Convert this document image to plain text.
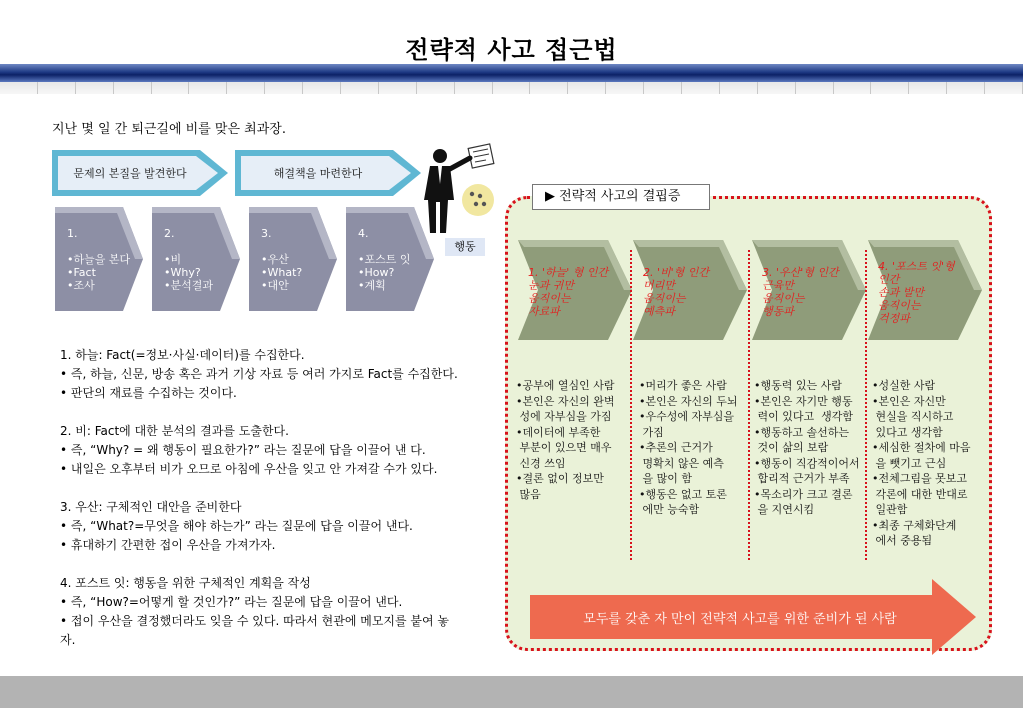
전략적 사고 접근법
지난 몇 일 간 퇴근길에 비를 맞은 최과장.
문제의 본질을 발견한다	해결책을 마련한다
1.

•하늘을 본다
•Fact
•조사
2.

•비
•Why?
•분석결과
3.

•우산
•What?
•대안
4.

•포스트 잇
•How?
•계획
행동
1. 하늘: Fact(=정보·사실·데이터)를 수집한다.
• 즉, 하늘, 신문, 방송 혹은 과거 기상 자료 등 여러 가지로 Fact를 수집한다.
• 판단의 재료를 수집하는 것이다.
2. 비: Fact에 대한 분석의 결과를 도출한다.
• 즉, “Why? = 왜 행동이 필요한가?” 라는 질문에 답을 이끌어 낸 다.
• 내일은 오후부터 비가 오므로 아침에 우산을 잊고 안 가져갈 수가 있다.
3. 우산: 구체적인 대안을 준비한다
• 즉, “What?=무엇을 해야 하는가” 라는 질문에 답을 이끌어 낸다.
• 휴대하기 간편한 접이 우산을 가져가자.
4. 포스트 잇: 행동을 위한 구체적인 계획을 작성
• 즉, “How?=어떻게 할 것인가?” 라는 질문에 답을 이끌어 낸다.
• 접이 우산을 결정했더라도 잊을 수 있다. 따라서 현관에 메모지를 붙여 놓
자.
▶ 전략적 사고의 결핍증
1. '하늘' 형 인간
눈과 귀만
움직이는
자료파
2. '비'형 인간
머리만
움직이는
예측파
3. '우산'형 인간
근육만
움직이는
행동파
4. '포스트 잇'형
인간
손과 발만
움직이는
걱정파
•공부에 열심인 사람
•본인은 자신의 완벽
성에 자부심을 가짐
•데이터에 부족한
부분이 있으면 매우
신경 쓰임
•결론 없이 정보만
많음
•머리가 좋은 사람
•본인은 자신의 두뇌
•우수성에 자부심을
가짐
•추론의 근거가
명확치 않은 예측
을 많이 함
•행동은 없고 토론
에만 능숙함
•행동력 있는 사람
•본인은 자기만 행동
력이 있다고  생각함
•행동하고 솔선하는
것이 삶의 보람
•행동이 직감적이어서
합리적 근거가 부족
•목소리가 크고 결론
을 지연시킴
•성실한 사람
•본인은 자신만
현실을 직시하고
있다고 생각함
•세심한 절차에 마음
을 뺏기고 근심
•전체그림을 못보고
각론에 대한 반대로
일관함
•최종 구체화단계
에서 중용됨
모두를 갖춘 자 만이 전략적 사고를 위한 준비가 된 사람
